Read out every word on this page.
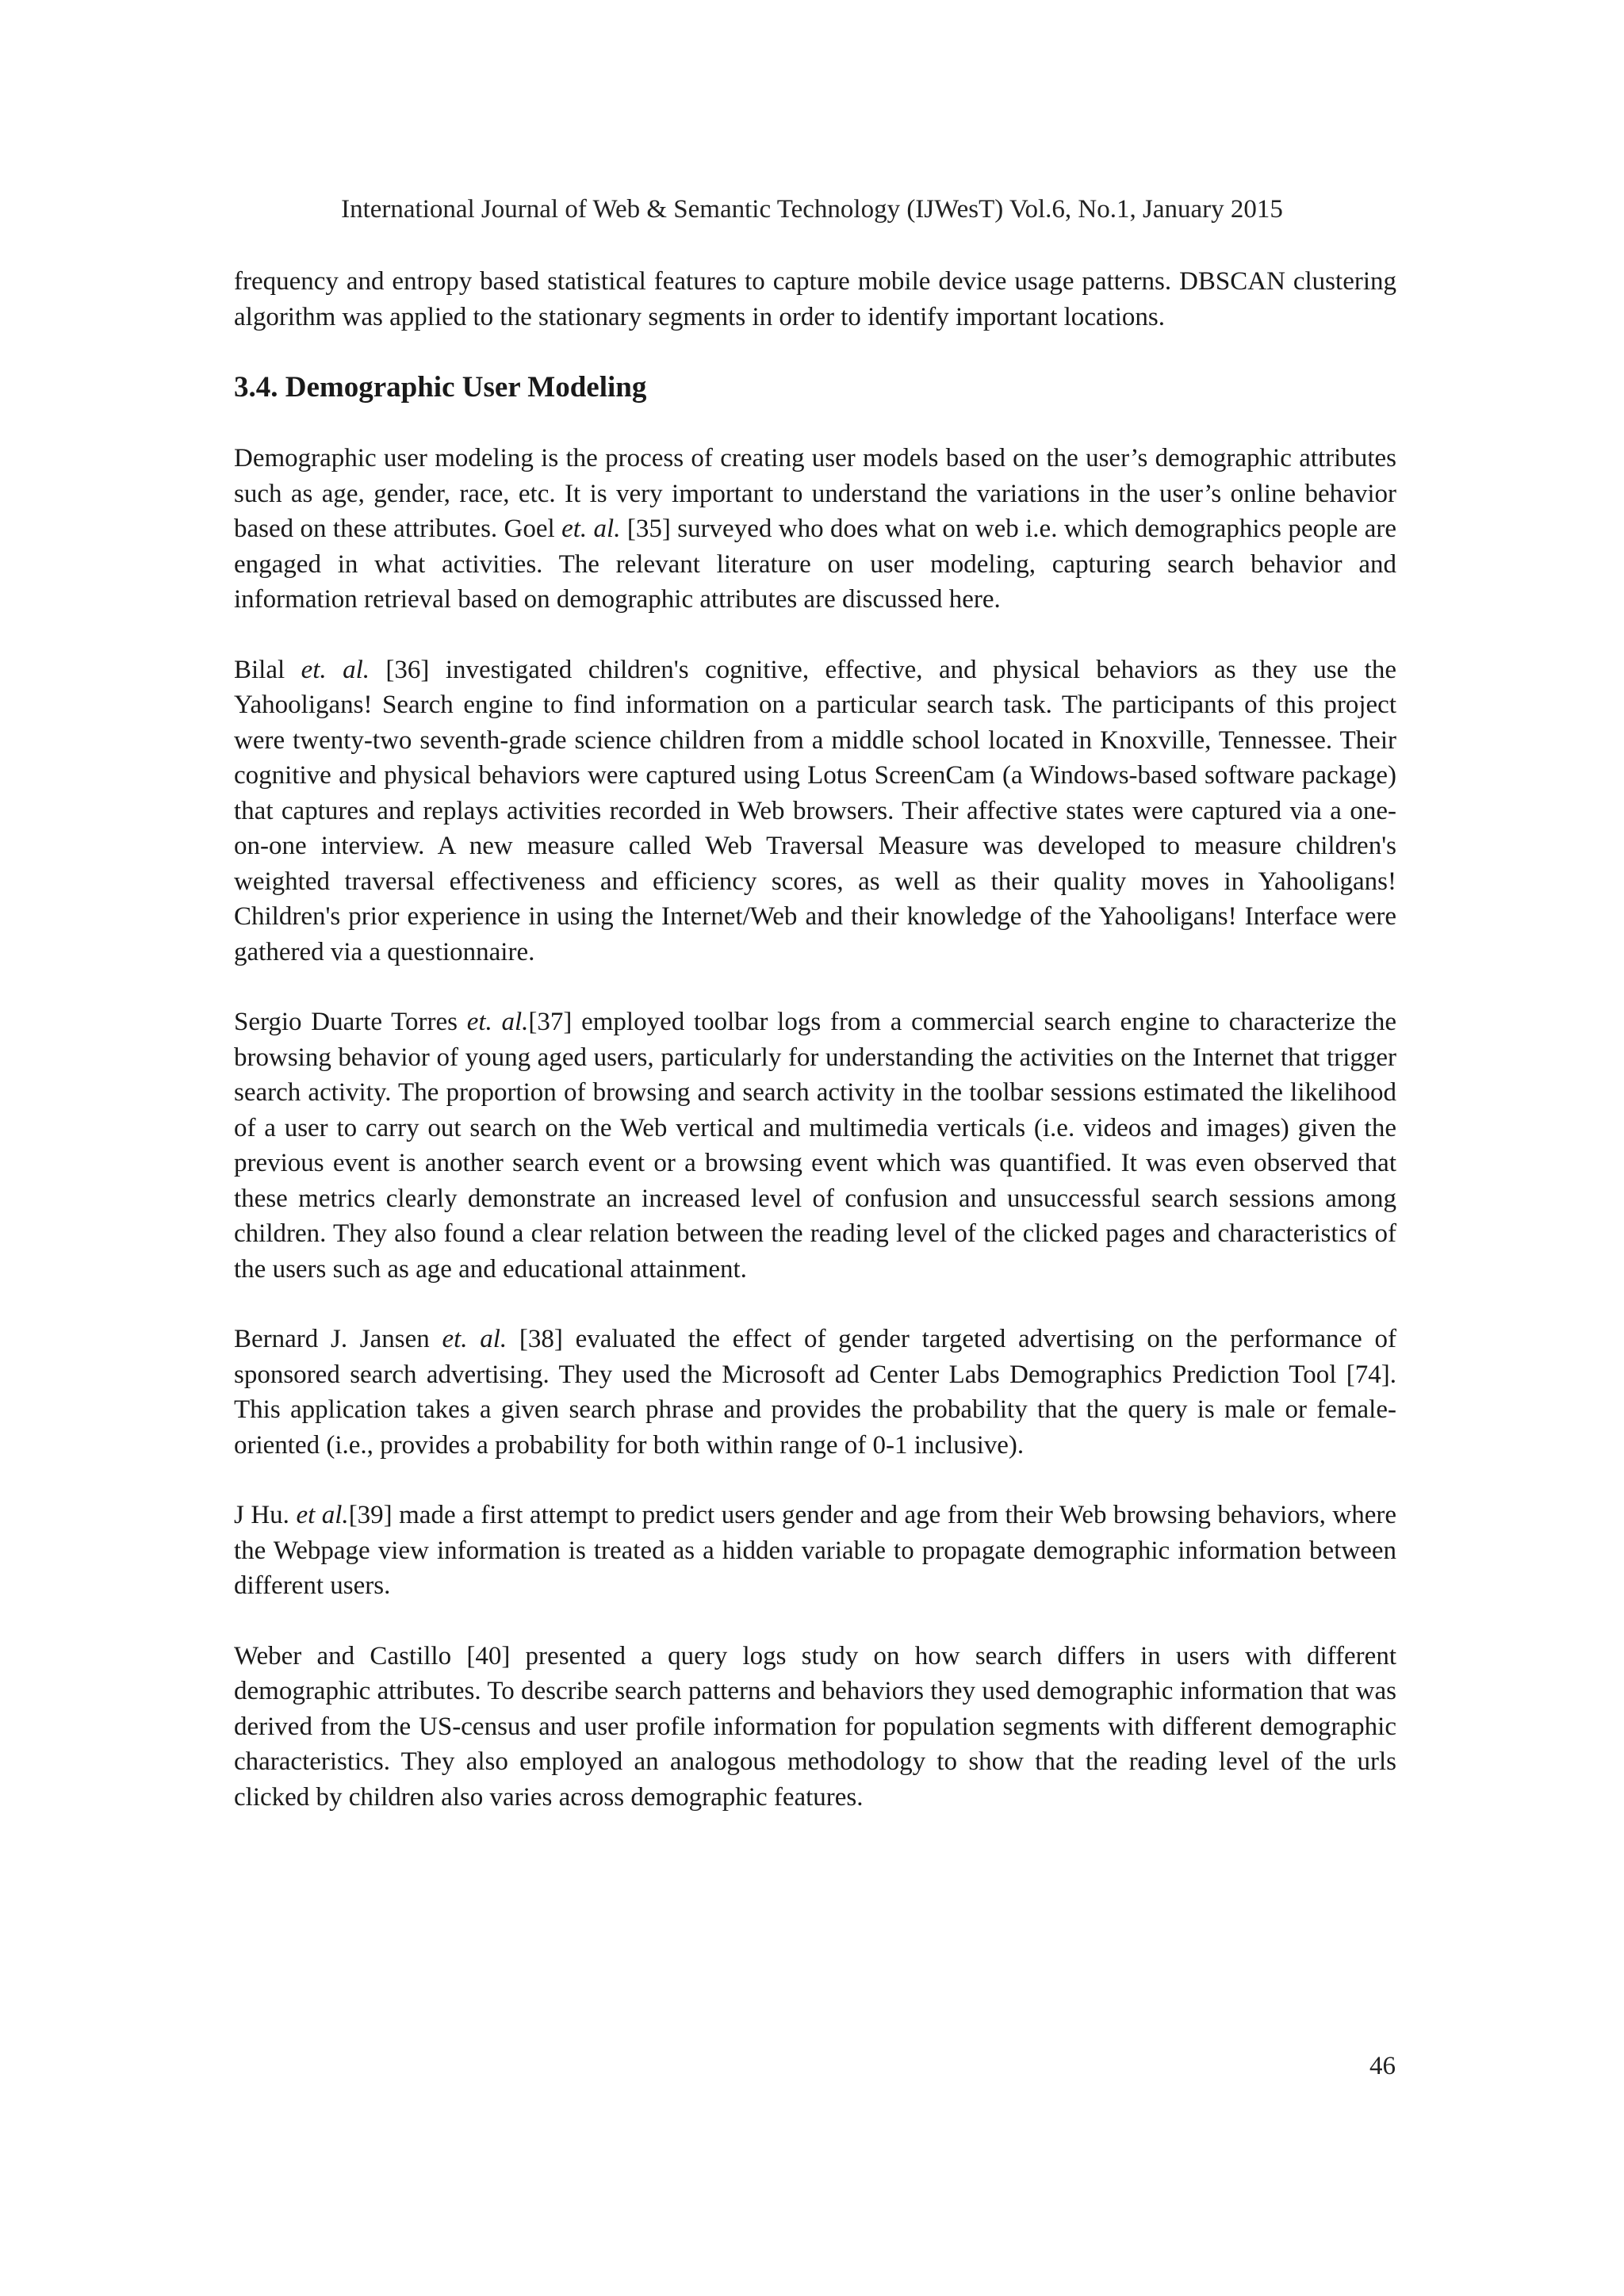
International Journal of Web & Semantic Technology (IJWesT) Vol.6, No.1, January 2015

frequency and entropy based statistical features to capture mobile device usage patterns. DBSCAN clustering algorithm was applied to the stationary segments in order to identify important locations.

3.4. Demographic User Modeling

Demographic user modeling is the process of creating user models based on the user’s demographic attributes such as age, gender, race, etc. It is very important to understand the variations in the user’s online behavior based on these attributes. Goel et. al. [35] surveyed who does what on web i.e. which demographics people are engaged in what activities. The relevant literature on user modeling, capturing search behavior and information retrieval based on demographic attributes are discussed here.

Bilal et. al. [36] investigated children's cognitive, effective, and physical behaviors as they use the Yahooligans! Search engine to find information on a particular search task. The participants of this project were twenty-two seventh-grade science children from a middle school located in Knoxville, Tennessee. Their cognitive and physical behaviors were captured using Lotus ScreenCam (a Windows-based software package) that captures and replays activities recorded in Web browsers. Their affective states were captured via a one-on-one interview. A new measure called Web Traversal Measure was developed to measure children's weighted traversal effectiveness and efficiency scores, as well as their quality moves in Yahooligans! Children's prior experience in using the Internet/Web and their knowledge of the Yahooligans! Interface were gathered via a questionnaire.

Sergio Duarte Torres et. al.[37] employed toolbar logs from a commercial search engine to characterize the browsing behavior of young aged users, particularly for understanding the activities on the Internet that trigger search activity. The proportion of browsing and search activity in the toolbar sessions estimated the likelihood of a user to carry out search on the Web vertical and multimedia verticals (i.e. videos and images) given the previous event is another search event or a browsing event which was quantified. It was even observed that these metrics clearly demonstrate an increased level of confusion and unsuccessful search sessions among children. They also found a clear relation between the reading level of the clicked pages and characteristics of the users such as age and educational attainment.

Bernard J. Jansen et. al. [38] evaluated the effect of gender targeted advertising on the performance of sponsored search advertising. They used the Microsoft ad Center Labs Demographics Prediction Tool [74]. This application takes a given search phrase and provides the probability that the query is male or female-oriented (i.e., provides a probability for both within range of 0-1 inclusive).

J Hu. et al.[39] made a first attempt to predict users gender and age from their Web browsing behaviors, where the Webpage view information is treated as a hidden variable to propagate demographic information between different users.

Weber and Castillo [40] presented a query logs study on how search differs in users with different demographic attributes. To describe search patterns and behaviors they used demographic information that was derived from the US-census and user profile information for population segments with different demographic characteristics. They also employed an analogous methodology to show that the reading level of the urls clicked by children also varies across demographic features.

46
